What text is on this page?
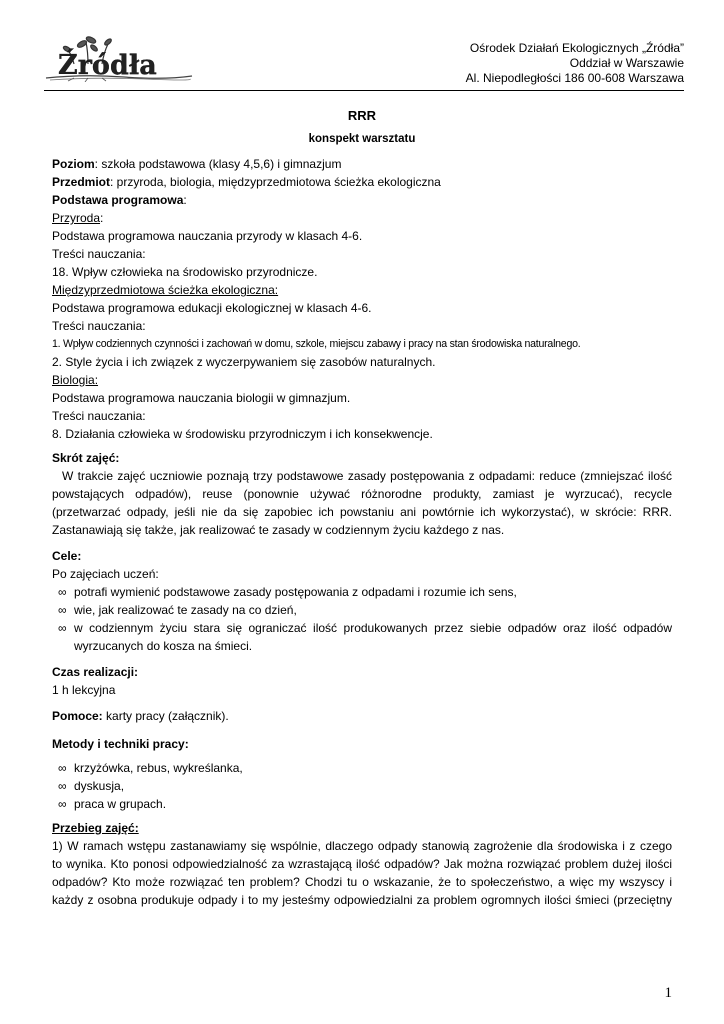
Źródła
Ośrodek Działań Ekologicznych „Źródła”
Oddział w Warszawie
Al. Niepodległości 186 00-608 Warszawa
RRR
konspekt warsztatu
Poziom: szkoła podstawowa (klasy 4,5,6) i gimnazjum
Przedmiot: przyroda, biologia, międzyprzedmiotowa ścieżka ekologiczna
Podstawa programowa:
Przyroda:
Podstawa programowa nauczania przyrody w klasach 4-6.
Treści nauczania:
18. Wpływ człowieka na środowisko przyrodnicze.
Międzyprzedmiotowa ścieżka ekologiczna:
Podstawa programowa edukacji ekologicznej w klasach 4-6.
Treści nauczania:
1. Wpływ codziennych czynności i zachowań w domu, szkole, miejscu zabawy i pracy na stan środowiska naturalnego.
2. Style życia i ich związek z wyczerpywaniem się zasobów naturalnych.
Biologia:
Podstawa programowa nauczania biologii w gimnazjum.
Treści nauczania:
8. Działania człowieka w środowisku przyrodniczym i ich konsekwencje.
Skrót zajęć:
W trakcie zajęć uczniowie poznają trzy podstawowe zasady postępowania z odpadami: reduce (zmniejszać ilość
powstających odpadów), reuse (ponownie używać różnorodne produkty, zamiast je wyrzucać), recycle
(przetwarzać odpady, jeśli nie da się zapobiec ich powstaniu ani powtórnie ich wykorzystać), w skrócie: RRR.
Zastanawiają się także, jak realizować te zasady w codziennym życiu każdego z nas.
Cele:
Po zajęciach uczeń:
∞ potrafi wymienić podstawowe zasady postępowania z odpadami i rozumie ich sens,
∞ wie, jak realizować te zasady na co dzień,
∞ w codziennym życiu stara się ograniczać ilość produkowanych przez siebie odpadów oraz ilość odpadów
wyrzucanych do kosza na śmieci.
Czas realizacji:
1 h lekcyjna
Pomoce: karty pracy (załącznik).
Metody i techniki pracy:
∞ krzyżówka, rebus, wykreślanka,
∞ dyskusja,
∞ praca w grupach.
Przebieg zajęć:
1) W ramach wstępu zastanawiamy się wspólnie, dlaczego odpady stanowią zagrożenie dla środowiska i z czego
to wynika. Kto ponosi odpowiedzialność za wzrastającą ilość odpadów? Jak można rozwiązać problem dużej ilości
odpadów? Kto może rozwiązać ten problem? Chodzi tu o wskazanie, że to społeczeństwo, a więc my wszyscy i
każdy z osobna produkuje odpady i to my jesteśmy odpowiedzialni za problem ogromnych ilości śmieci (przeciętny
1
